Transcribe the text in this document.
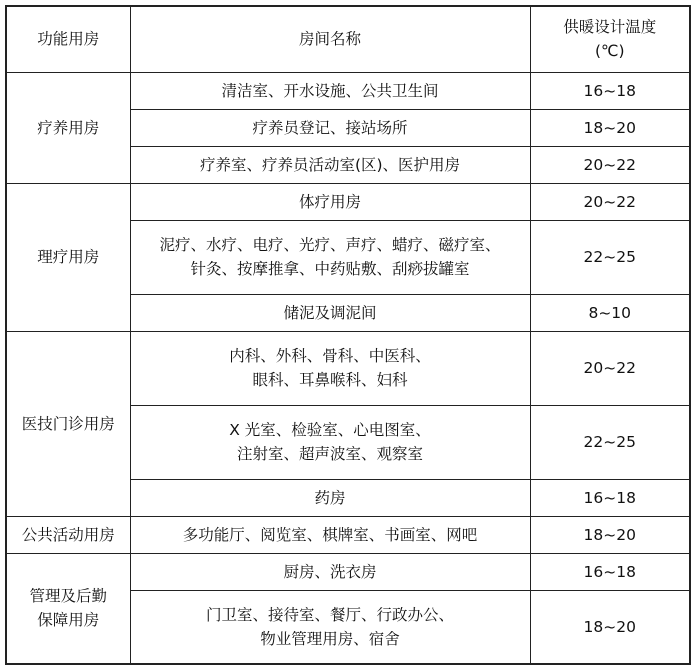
功能用房	房间名称	供暖设计温度
(℃)

疗养用房	清洁室、开水设施、公共卫生间	16~18

	疗养员登记、接站场所	18~20

	疗养室、疗养员活动室(区)、医护用房	20~22

理疗用房	体疗用房	20~22

	泥疗、水疗、电疗、光疗、声疗、蜡疗、磁疗室、
针灸、按摩推拿、中药贴敷、刮痧拔罐室	22~25

	储泥及调泥间	8~10

医技门诊用房	内科、外科、骨科、中医科、
眼科、耳鼻喉科、妇科	20~22

	X 光室、检验室、心电图室、
注射室、超声波室、观察室	22~25

	药房	16~18

公共活动用房	多功能厅、阅览室、棋牌室、书画室、网吧	18~20

管理及后勤
保障用房	厨房、洗衣房	16~18

	门卫室、接待室、餐厅、行政办公、
物业管理用房、宿舍	18~20
